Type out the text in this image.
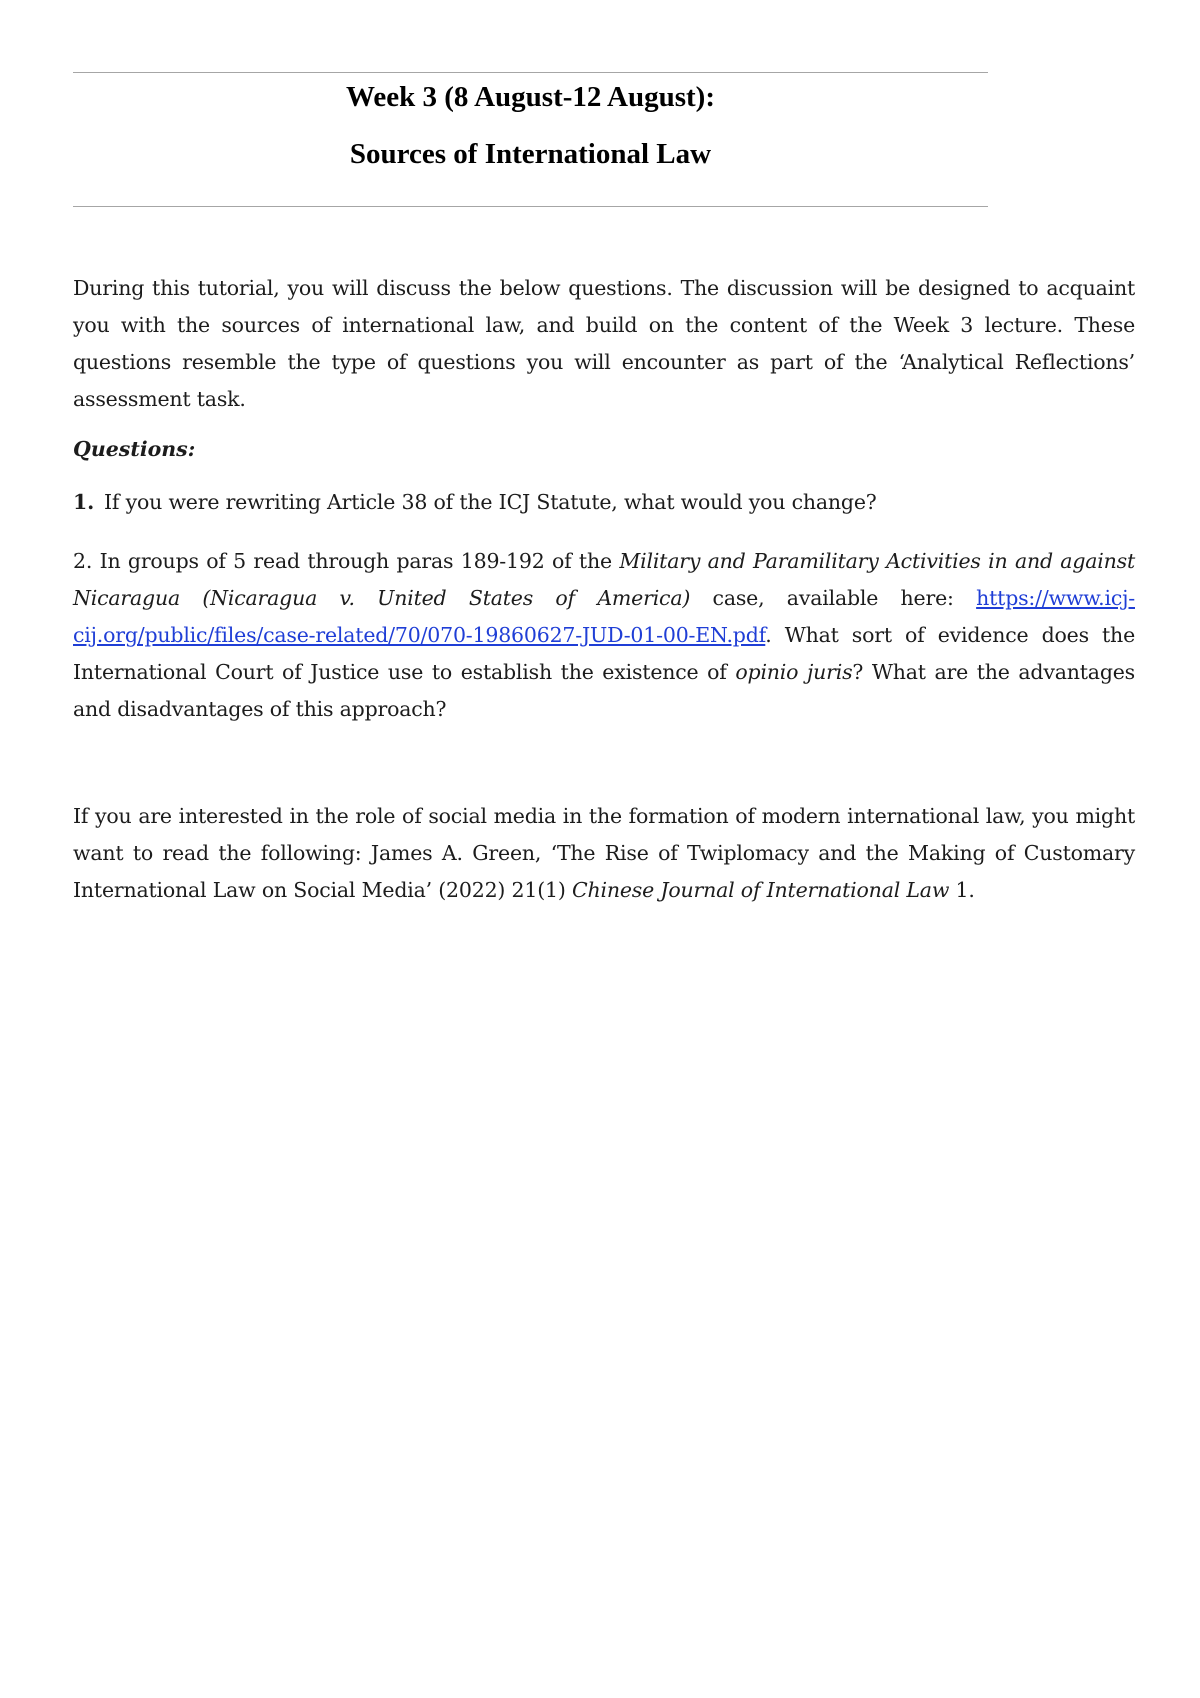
Week 3 (8 August-12 August):
Sources of International Law

During this tutorial, you will discuss the below questions. The discussion will be designed to acquaint you with the sources of international law, and build on the content of the Week 3 lecture. These questions resemble the type of questions you will encounter as part of the ‘Analytical Reflections’ assessment task.

Questions:
1. If you were rewriting Article 38 of the ICJ Statute, what would you change?

2. In groups of 5 read through paras 189-192 of the Military and Paramilitary Activities in and against Nicaragua (Nicaragua v. United States of America) case, available here: https://www.icj-cij.org/public/files/case-related/70/070-19860627-JUD-01-00-EN.pdf. What sort of evidence does the International Court of Justice use to establish the existence of opinio juris? What are the advantages and disadvantages of this approach?

If you are interested in the role of social media in the formation of modern international law, you might want to read the following: James A. Green, ‘The Rise of Twiplomacy and the Making of Customary International Law on Social Media’ (2022) 21(1) Chinese Journal of International Law 1.
